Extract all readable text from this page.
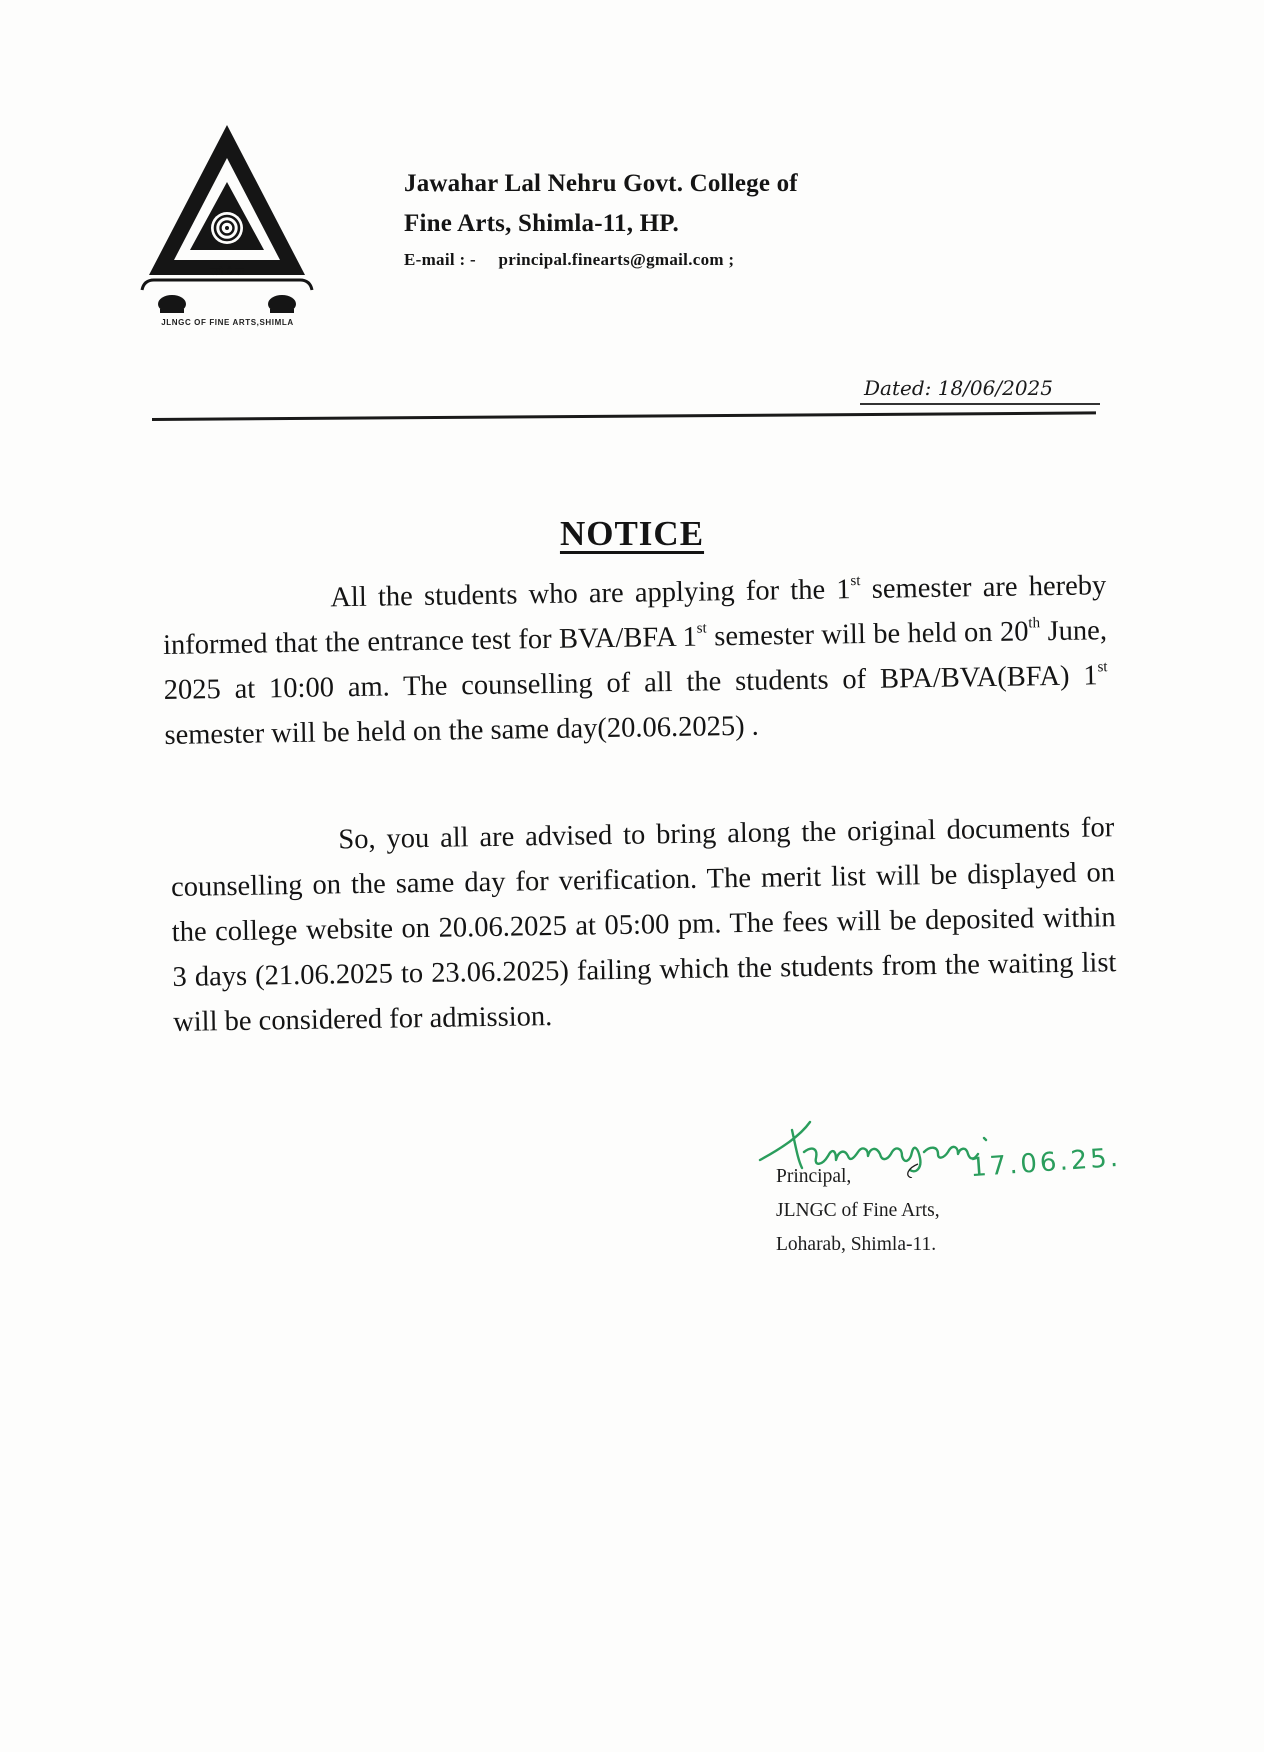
रसो वै सः
JLNGC OF FINE ARTS,SHIMLA
Jawahar Lal Nehru Govt. College of
Fine Arts, Shimla-11, HP.
E-mail : - principal.finearts@gmail.com ;
Dated: 18/06/2025
NOTICE
All the students who are applying for the 1st semester are hereby informed that the entrance test for BVA/BFA 1st semester will be held on 20th June, 2025 at 10:00 am. The counselling of all the students of BPA/BVA(BFA) 1st semester will be held on the same day(20.06.2025) .
So, you all are advised to bring along the original documents for counselling on the same day for verification. The merit list will be displayed on the college website on 20.06.2025 at 05:00 pm. The fees will be deposited within 3 days (21.06.2025 to 23.06.2025) failing which the students from the waiting list will be considered for admission.
17.06.25.
Principal,
JLNGC of Fine Arts,
Loharab, Shimla-11.
